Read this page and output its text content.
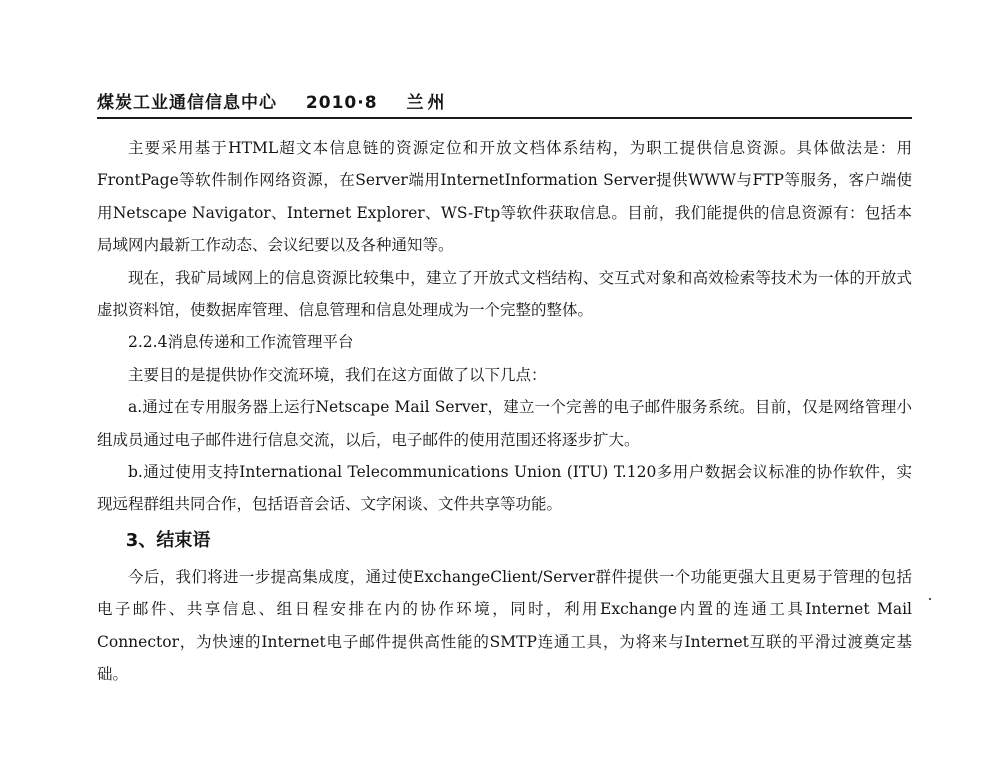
煤炭工业通信信息中心 2010·8 兰州

主要采用基于HTML超文本信息链的资源定位和开放文档体系结构，为职工提供信息资源。具体做法是：用FrontPage等软件制作网络资源，在Server端用InternetInformation Server提供WWW与FTP等服务，客户端使用Netscape Navigator、Internet Explorer、WS-Ftp等软件获取信息。目前，我们能提供的信息资源有：包括本局域网内最新工作动态、会议纪要以及各种通知等。

现在，我矿局域网上的信息资源比较集中，建立了开放式文档结构、交互式对象和高效检索等技术为一体的开放式虚拟资料馆，使数据库管理、信息管理和信息处理成为一个完整的整体。

2.2.4消息传递和工作流管理平台

主要目的是提供协作交流环境，我们在这方面做了以下几点：

a.通过在专用服务器上运行Netscape Mail Server，建立一个完善的电子邮件服务系统。目前，仅是网络管理小组成员通过电子邮件进行信息交流，以后，电子邮件的使用范围还将逐步扩大。

b.通过使用支持International Telecommunications Union (ITU) T.120多用户数据会议标准的协作软件，实现远程群组共同合作，包括语音会话、文字闲谈、文件共享等功能。

3、结束语

今后，我们将进一步提高集成度，通过使ExchangeClient/Server群件提供一个功能更强大且更易于管理的包括电子邮件、共享信息、组日程安排在内的协作环境，同时，利用Exchange内置的连通工具Internet Mail Connector，为快速的Internet电子邮件提供高性能的SMTP连通工具，为将来与Internet互联的平滑过渡奠定基础。
